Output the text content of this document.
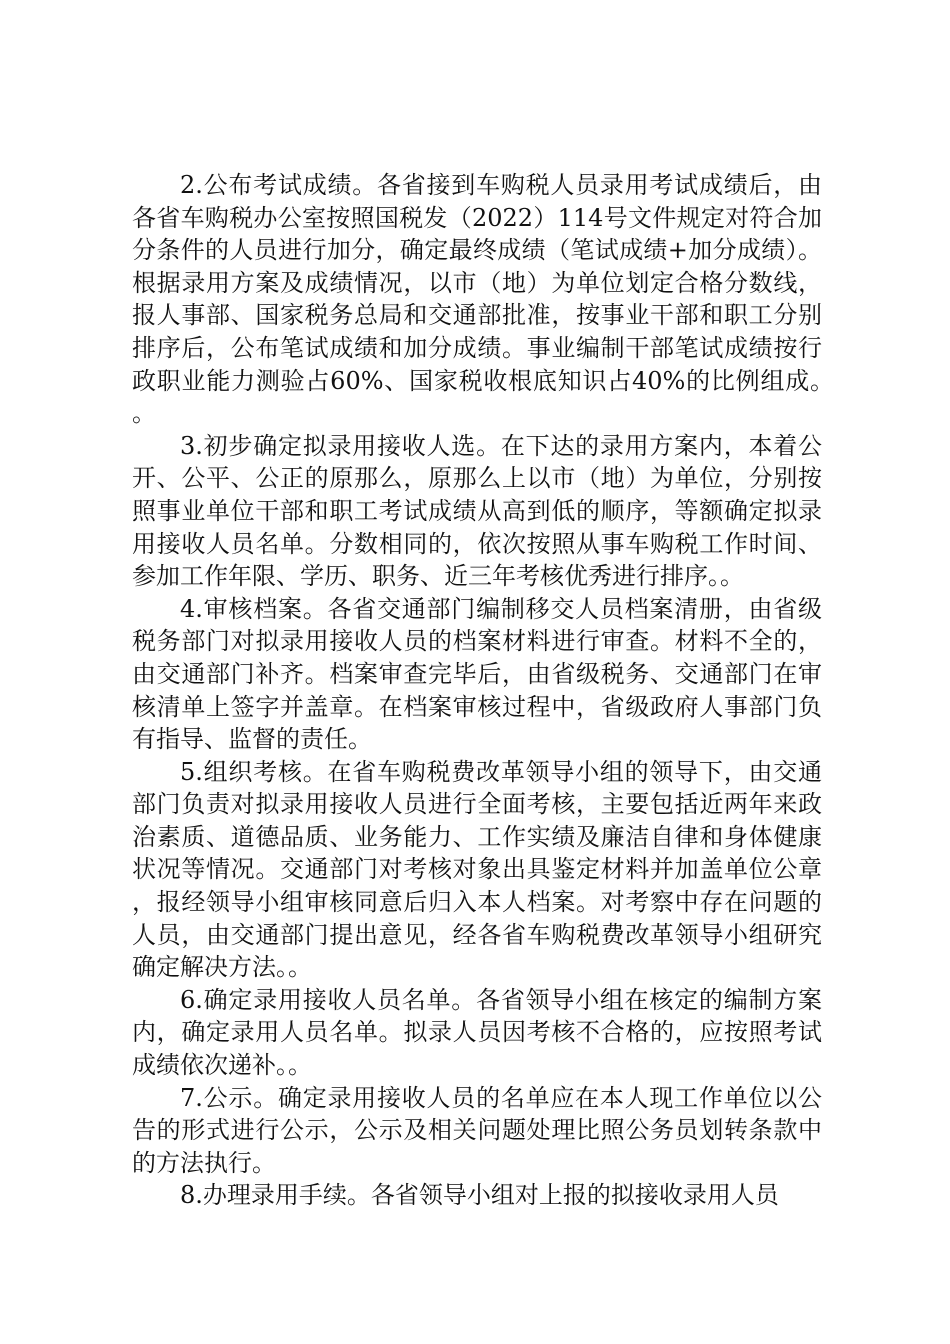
2.公布考试成绩。各省接到车购税人员录用考试成绩后，由各省车购税办公室按照国税发（2022）114号文件规定对符合加分条件的人员进行加分，确定最终成绩（笔试成绩+加分成绩）。根据录用方案及成绩情况，以市（地）为单位划定合格分数线，报人事部、国家税务总局和交通部批准，按事业干部和职工分别排序后，公布笔试成绩和加分成绩。事业编制干部笔试成绩按行政职业能力测验占60%、国家税收根底知识占40%的比例组成。。

3.初步确定拟录用接收人选。在下达的录用方案内，本着公开、公平、公正的原那么，原那么上以市（地）为单位，分别按照事业单位干部和职工考试成绩从高到低的顺序，等额确定拟录用接收人员名单。分数相同的，依次按照从事车购税工作时间、参加工作年限、学历、职务、近三年考核优秀进行排序。。

4.审核档案。各省交通部门编制移交人员档案清册，由省级税务部门对拟录用接收人员的档案材料进行审查。材料不全的，由交通部门补齐。档案审查完毕后，由省级税务、交通部门在审核清单上签字并盖章。在档案审核过程中，省级政府人事部门负有指导、监督的责任。

5.组织考核。在省车购税费改革领导小组的领导下，由交通部门负责对拟录用接收人员进行全面考核，主要包括近两年来政治素质、道德品质、业务能力、工作实绩及廉洁自律和身体健康状况等情况。交通部门对考核对象出具鉴定材料并加盖单位公章，报经领导小组审核同意后归入本人档案。对考察中存在问题的人员，由交通部门提出意见，经各省车购税费改革领导小组研究确定解决方法。。

6.确定录用接收人员名单。各省领导小组在核定的编制方案内，确定录用人员名单。拟录人员因考核不合格的，应按照考试成绩依次递补。。

7.公示。确定录用接收人员的名单应在本人现工作单位以公告的形式进行公示，公示及相关问题处理比照公务员划转条款中的方法执行。

8.办理录用手续。各省领导小组对上报的拟接收录用人员
